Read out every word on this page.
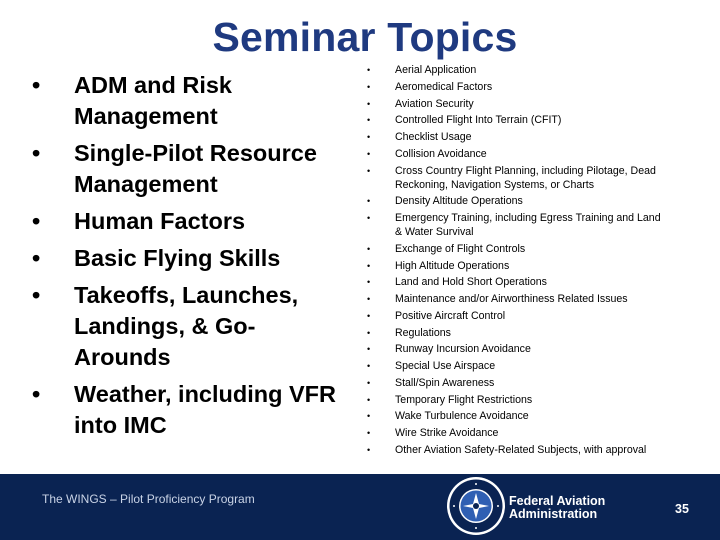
Seminar Topics
• ADM and Risk Management
• Single-Pilot Resource Management
• Human Factors
• Basic Flying Skills
• Takeoffs, Launches, Landings, & Go-Arounds
• Weather, including VFR into IMC
• Aerial Application
• Aeromedical Factors
• Aviation Security
• Controlled Flight Into Terrain (CFIT)
• Checklist Usage
• Collision Avoidance
• Cross Country Flight Planning, including Pilotage, Dead Reckoning, Navigation Systems, or Charts
• Density Altitude Operations
• Emergency Training, including Egress Training and Land & Water Survival
• Exchange of Flight Controls
• High Altitude Operations
• Land and Hold Short Operations
• Maintenance and/or Airworthiness Related Issues
• Positive Aircraft Control
• Regulations
• Runway Incursion Avoidance
• Special Use Airspace
• Stall/Spin Awareness
• Temporary Flight Restrictions
• Wake Turbulence Avoidance
• Wire Strike Avoidance
• Other Aviation Safety-Related Subjects, with approval
The WINGS – Pilot Proficiency Program	Federal Aviation
Administration	35
